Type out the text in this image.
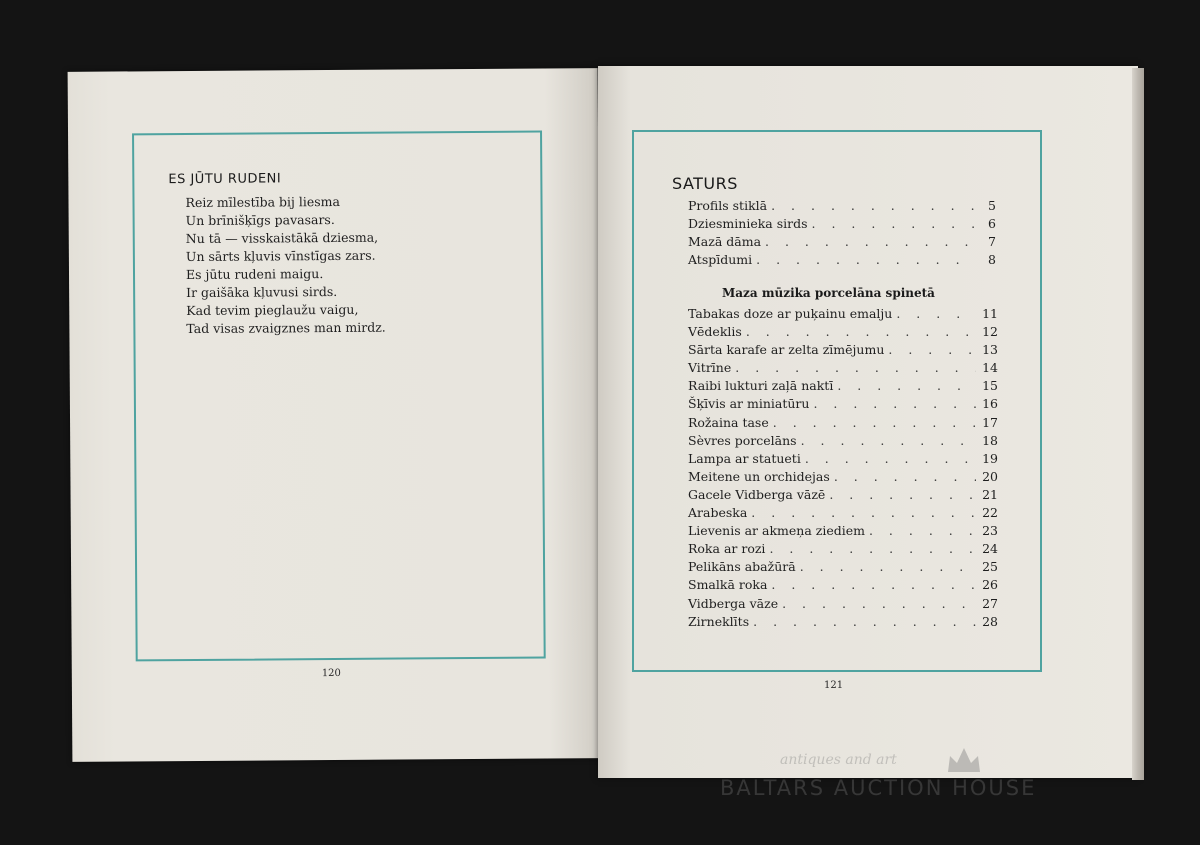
ES JŪTU RUDENI
Reiz mīlestība bij liesma
Un brīnišķīgs pavasars.
Nu tā — visskaistākā dziesma,
Un sārts kļuvis vīnstīgas zars.
Es jūtu rudeni maigu.
Ir gaišāka kļuvusi sirds.
Kad tevim pieglaužu vaigu,
Tad visas zvaigznes man mirdz.
120
SATURS
Profils stiklā . . .	5
Dziesminieka sirds . . .	6
Mazā dāma . . .	7
Atspīdumi . . .	8
Maza mūzika porcelāna spinetā
Tabakas doze ar puķainu emalju . . .	11
Vēdeklis . . .	12
Sārta karafe ar zelta zīmējumu . . .	13
Vitrīne . . .	14
Raibi lukturi zaļā naktī . . .	15
Šķīvis ar miniatūru . . .	16
Rožaina tase . . .	17
Sèvres porcelāns . . .	18
Lampa ar statueti . . .	19
Meitene un orchidejas . . .	20
Gacele Vidberga vāzē . . .	21
Arabeska . . .	22
Lievenis ar akmeņa ziediem . . .	23
Roka ar rozi . . .	24
Pelikāns abažūrā . . .	25
Smalkā roka . . .	26
Vidberga vāze . . .	27
Zirneklīts . . .	28
121
antiques and art
BALTARS AUCTION HOUSE
